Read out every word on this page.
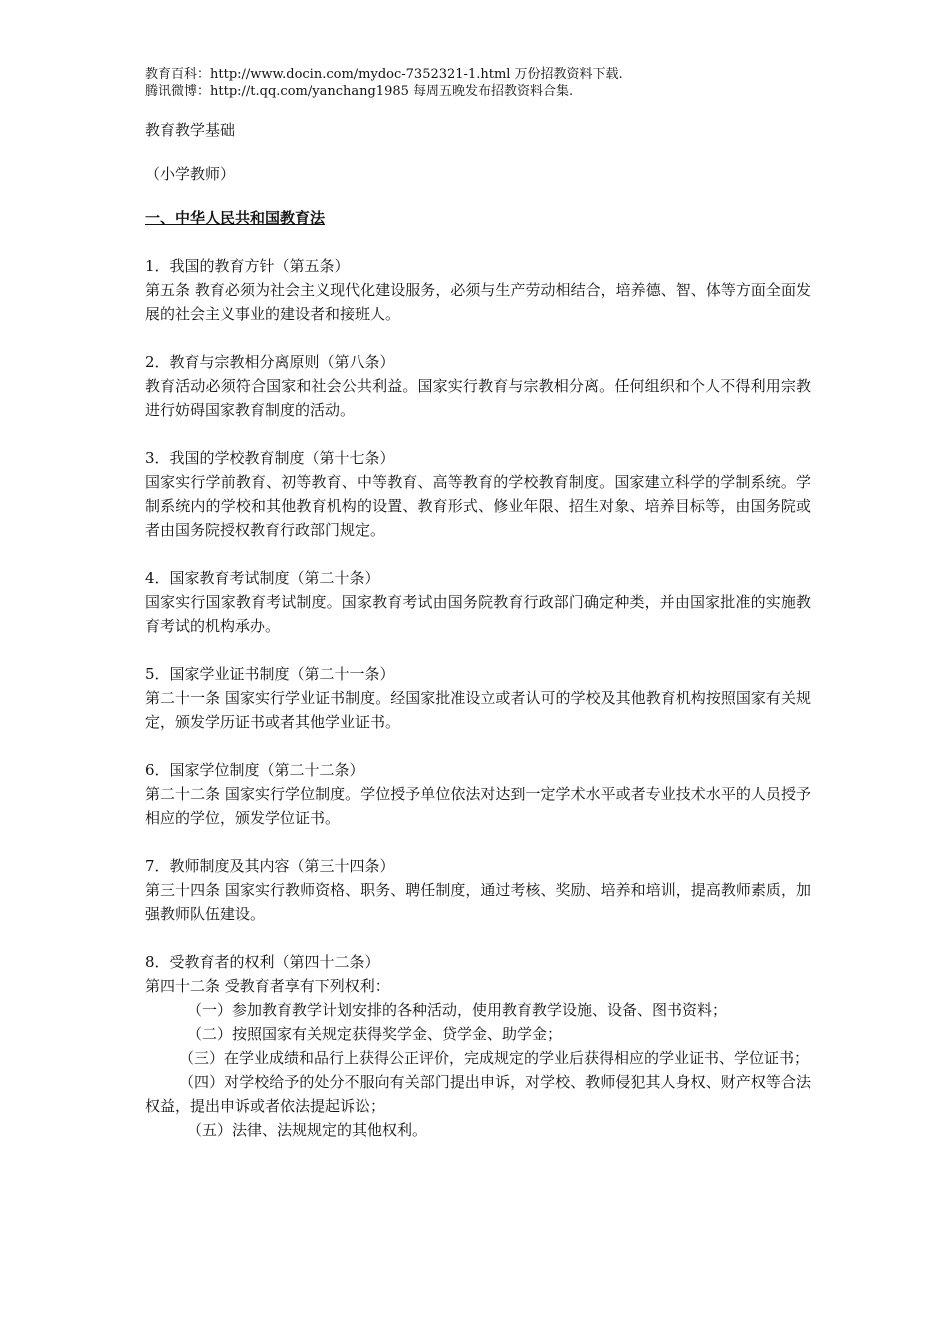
教育百科：http://www.docin.com/mydoc-7352321-1.html 万份招教资料下载.
腾讯微博：http://t.qq.com/yanchang1985 每周五晚发布招教资料合集.
教育教学基础
（小学教师）
一、中华人民共和国教育法
1．我国的教育方针（第五条）
第五条 教育必须为社会主义现代化建设服务，必须与生产劳动相结合，培养德、智、体等方面全面发展的社会主义事业的建设者和接班人。
2．教育与宗教相分离原则（第八条）
教育活动必须符合国家和社会公共利益。国家实行教育与宗教相分离。任何组织和个人不得利用宗教进行妨碍国家教育制度的活动。
3．我国的学校教育制度（第十七条）
国家实行学前教育、初等教育、中等教育、高等教育的学校教育制度。国家建立科学的学制系统。学制系统内的学校和其他教育机构的设置、教育形式、修业年限、招生对象、培养目标等，由国务院或者由国务院授权教育行政部门规定。
4．国家教育考试制度（第二十条）
国家实行国家教育考试制度。国家教育考试由国务院教育行政部门确定种类，并由国家批准的实施教育考试的机构承办。
5．国家学业证书制度（第二十一条）
第二十一条 国家实行学业证书制度。经国家批准设立或者认可的学校及其他教育机构按照国家有关规定，颁发学历证书或者其他学业证书。
6．国家学位制度（第二十二条）
第二十二条 国家实行学位制度。学位授予单位依法对达到一定学术水平或者专业技术水平的人员授予相应的学位，颁发学位证书。
7．教师制度及其内容（第三十四条）
第三十四条 国家实行教师资格、职务、聘任制度，通过考核、奖励、培养和培训，提高教师素质，加强教师队伍建设。
8．受教育者的权利（第四十二条）
第四十二条 受教育者享有下列权利：
（一）参加教育教学计划安排的各种活动，使用教育教学设施、设备、图书资料；
（二）按照国家有关规定获得奖学金、贷学金、助学金；
（三）在学业成绩和品行上获得公正评价，完成规定的学业后获得相应的学业证书、学位证书；
（四）对学校给予的处分不服向有关部门提出申诉，对学校、教师侵犯其人身权、财产权等合法权益，提出申诉或者依法提起诉讼；
（五）法律、法规规定的其他权利。
